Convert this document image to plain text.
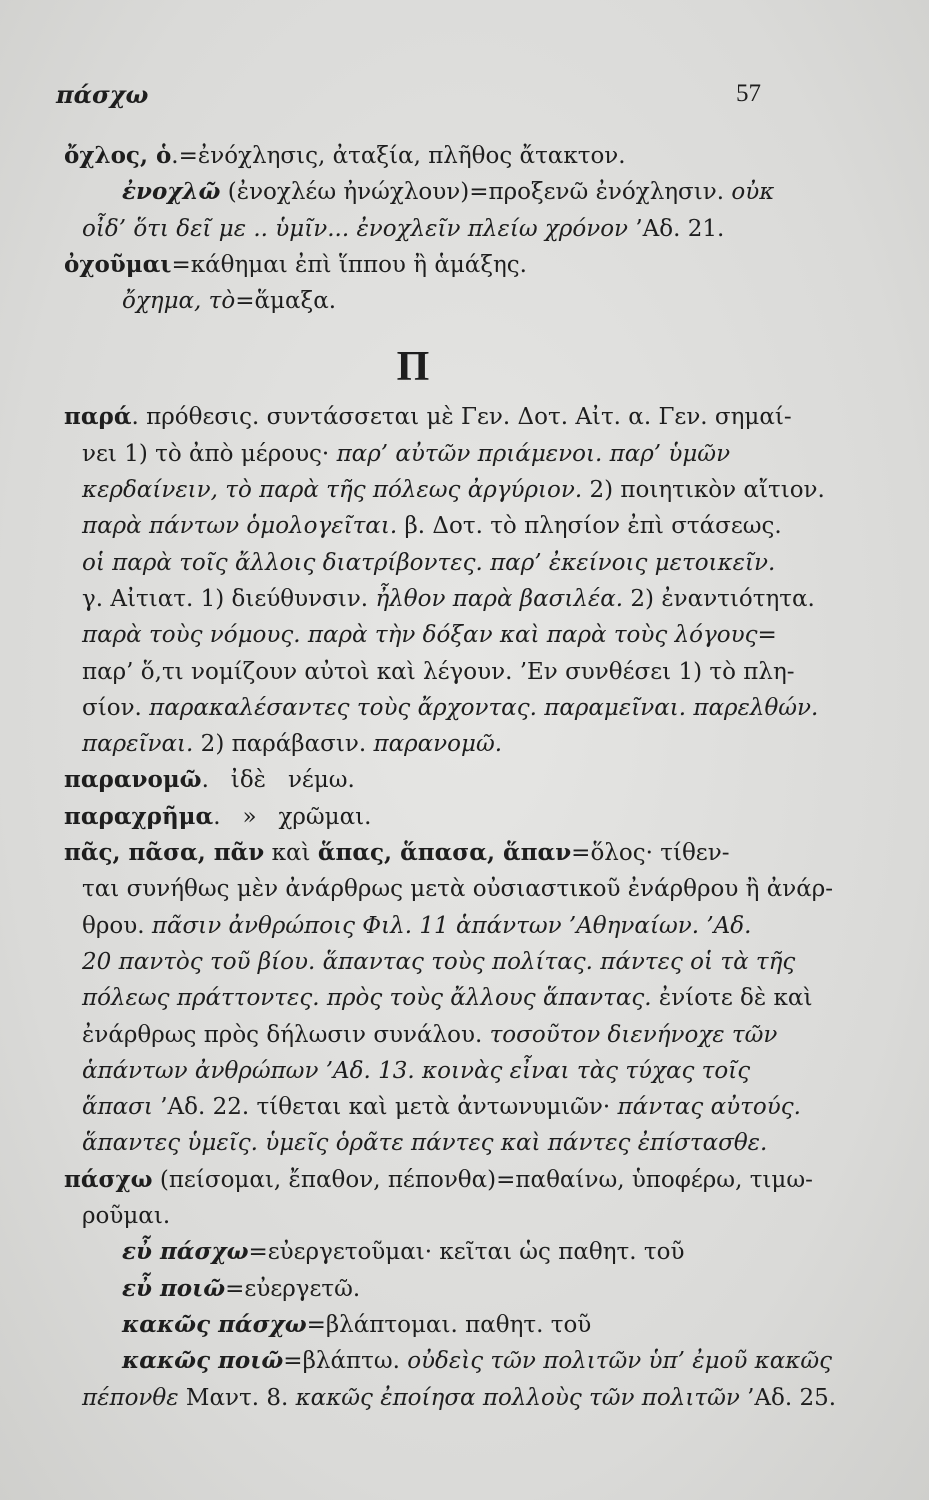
πάσχω	57
ὄχλος, ὁ.=ἐνόχλησις, ἀταξία, πλῆθος ἄτακτον.
ἐνοχλῶ (ἐνοχλέω ἠνώχλουν)=προξενῶ ἐνόχλησιν. οὐκ
οἶδ’ ὅτι δεῖ με .. ὑμῖν... ἐνοχλεῖν πλείω χρόνον ’Αδ. 21.
ὀχοῦμαι=κάθημαι ἐπὶ ἵππου ἢ ἁμάξης.
ὄχημα, τὸ=ἅμαξα.
Π
παρά. πρόθεσις. συντάσσεται μὲ Γεν. Δοτ. Αἰτ. α. Γεν. σημαί-
νει 1) τὸ ἀπὸ μέρους· παρ’ αὐτῶν πριάμενοι. παρ’ ὑμῶν
κερδαίνειν, τὸ παρὰ τῆς πόλεως ἀργύριον. 2) ποιητικὸν αἴτιον.
παρὰ πάντων ὁμολογεῖται. β. Δοτ. τὸ πλησίον ἐπὶ στάσεως.
οἱ παρὰ τοῖς ἄλλοις διατρίβοντες. παρ’ ἐκείνοις μετοικεῖν.
γ. Αἰτιατ. 1) διεύθυνσιν. ἦλθον παρὰ βασιλέα. 2) ἐναντιότητα.
παρὰ τοὺς νόμους. παρὰ τὴν δόξαν καὶ παρὰ τοὺς λόγους=
παρ’ ὅ,τι νομίζουν αὐτοὶ καὶ λέγουν. ’Εν συνθέσει 1) τὸ πλη-
σίον. παρακαλέσαντες τοὺς ἄρχοντας. παραμεῖναι. παρελθών.
παρεῖναι. 2) παράβασιν. παρανομῶ.
παρανομῶ.   ἰδὲ   νέμω.
παραχρῆμα.   »   χρῶμαι.
πᾶς, πᾶσα, πᾶν καὶ ἅπας, ἅπασα, ἅπαν=ὅλος· τίθεν-
ται συνήθως μὲν ἀνάρθρως μετὰ οὐσιαστικοῦ ἐνάρθρου ἢ ἀνάρ-
θρου. πᾶσιν ἀνθρώποις Φιλ. 11 ἁπάντων ’Αθηναίων. ’Αδ.
20 παντὸς τοῦ βίου. ἅπαντας τοὺς πολίτας. πάντες οἱ τὰ τῆς
πόλεως πράττοντες. πρὸς τοὺς ἄλλους ἅπαντας. ἐνίοτε δὲ καὶ
ἐνάρθρως πρὸς δήλωσιν συνάλου. τοσοῦτον διενήνοχε τῶν
ἁπάντων ἀνθρώπων ’Αδ. 13. κοινὰς εἶναι τὰς τύχας τοῖς
ἅπασι ’Αδ. 22. τίθεται καὶ μετὰ ἀντωνυμιῶν· πάντας αὐτούς.
ἅπαντες ὑμεῖς. ὑμεῖς ὁρᾶτε πάντες καὶ πάντες ἐπίστασθε.
πάσχω (πείσομαι, ἔπαθον, πέπονθα)=παθαίνω, ὑποφέρω, τιμω-
ροῦμαι.
εὖ πάσχω=εὐεργετοῦμαι· κεῖται ὡς παθητ. τοῦ
εὖ ποιῶ=εὐεργετῶ.
κακῶς πάσχω=βλάπτομαι. παθητ. τοῦ
κακῶς ποιῶ=βλάπτω. οὐδεὶς τῶν πολιτῶν ὑπ’ ἐμοῦ κακῶς
πέπονθε Μαντ. 8. κακῶς ἐποίησα πολλοὺς τῶν πολιτῶν ’Αδ. 25.
